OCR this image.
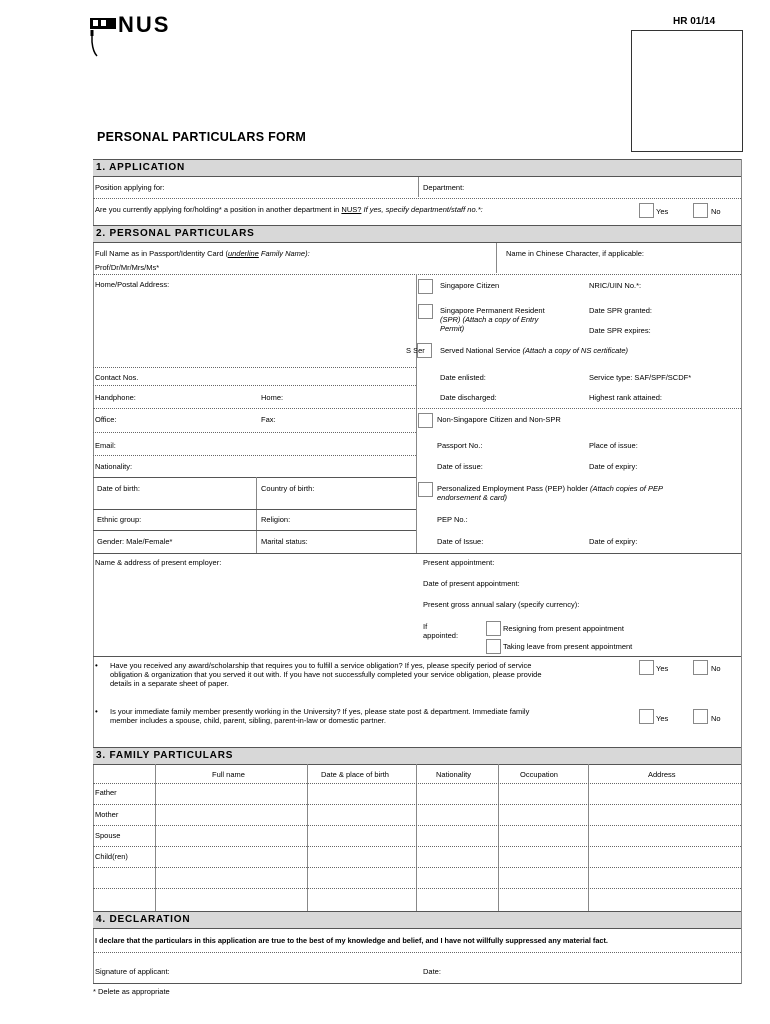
NUS	HR 01/14
PERSONAL PARTICULARS FORM
1. APPLICATION
Position applying for:	Department:
Are you currently applying for/holding* a position in another department in NUS? If yes, specify department/staff no.*:	Yes	No
2. PERSONAL PARTICULARS
Full Name as in Passport/Identity Card (underline Family Name):
Prof/Dr/Mr/Mrs/Ms*
Name in Chinese Character, if applicable:
Home/Postal Address:	Singapore Citizen	NRIC/UIN No.*:
Singapore Permanent Resident
(SPR) (Attach a copy of Entry
Permit)
Date SPR granted:
Date SPR expires:
S Ser Served National Service (Attach a copy of NS certificate)
Contact Nos.	Date enlisted:	Service type: SAF/SPF/SCDF*
Handphone:	Home:	Date discharged:	Highest rank attained:
Office:	Fax:	Non-Singapore Citizen and Non-SPR
Email:	Passport No.:	Place of issue:
Nationality:	Date of issue:	Date of expiry:
Date of birth:	Country of birth:	Personalized Employment Pass (PEP) holder (Attach copies of PEP
endorsement & card)
Ethnic group:	Religion:	PEP No.:
Gender: Male/Female*	Marital status:	Date of Issue:	Date of expiry:
Name & address of present employer:	Present appointment:
Date of present appointment:
Present gross annual salary (specify currency):
If
appointed:
Resigning from present appointment
Taking leave from present appointment
• Have you received any award/scholarship that requires you to fulfill a service obligation? If yes, please specify period of service
obligation & organization that you served it out with. If you have not successfully completed your service obligation, please provide
details in a separate sheet of paper.
Yes	No
• Is your immediate family member presently working in the University? If yes, please state post & department. Immediate family
member includes a spouse, child, parent, sibling, parent-in-law or domestic partner.	Yes	No
3. FAMILY PARTICULARS
Full name	Date & place of birth	Nationality	Occupation	Address
Father
Mother
Spouse
Child(ren)
4. DECLARATION
I declare that the particulars in this application are true to the best of my knowledge and belief, and I have not willfully suppressed any material fact.
Signature of applicant:	Date:
* Delete as appropriate
